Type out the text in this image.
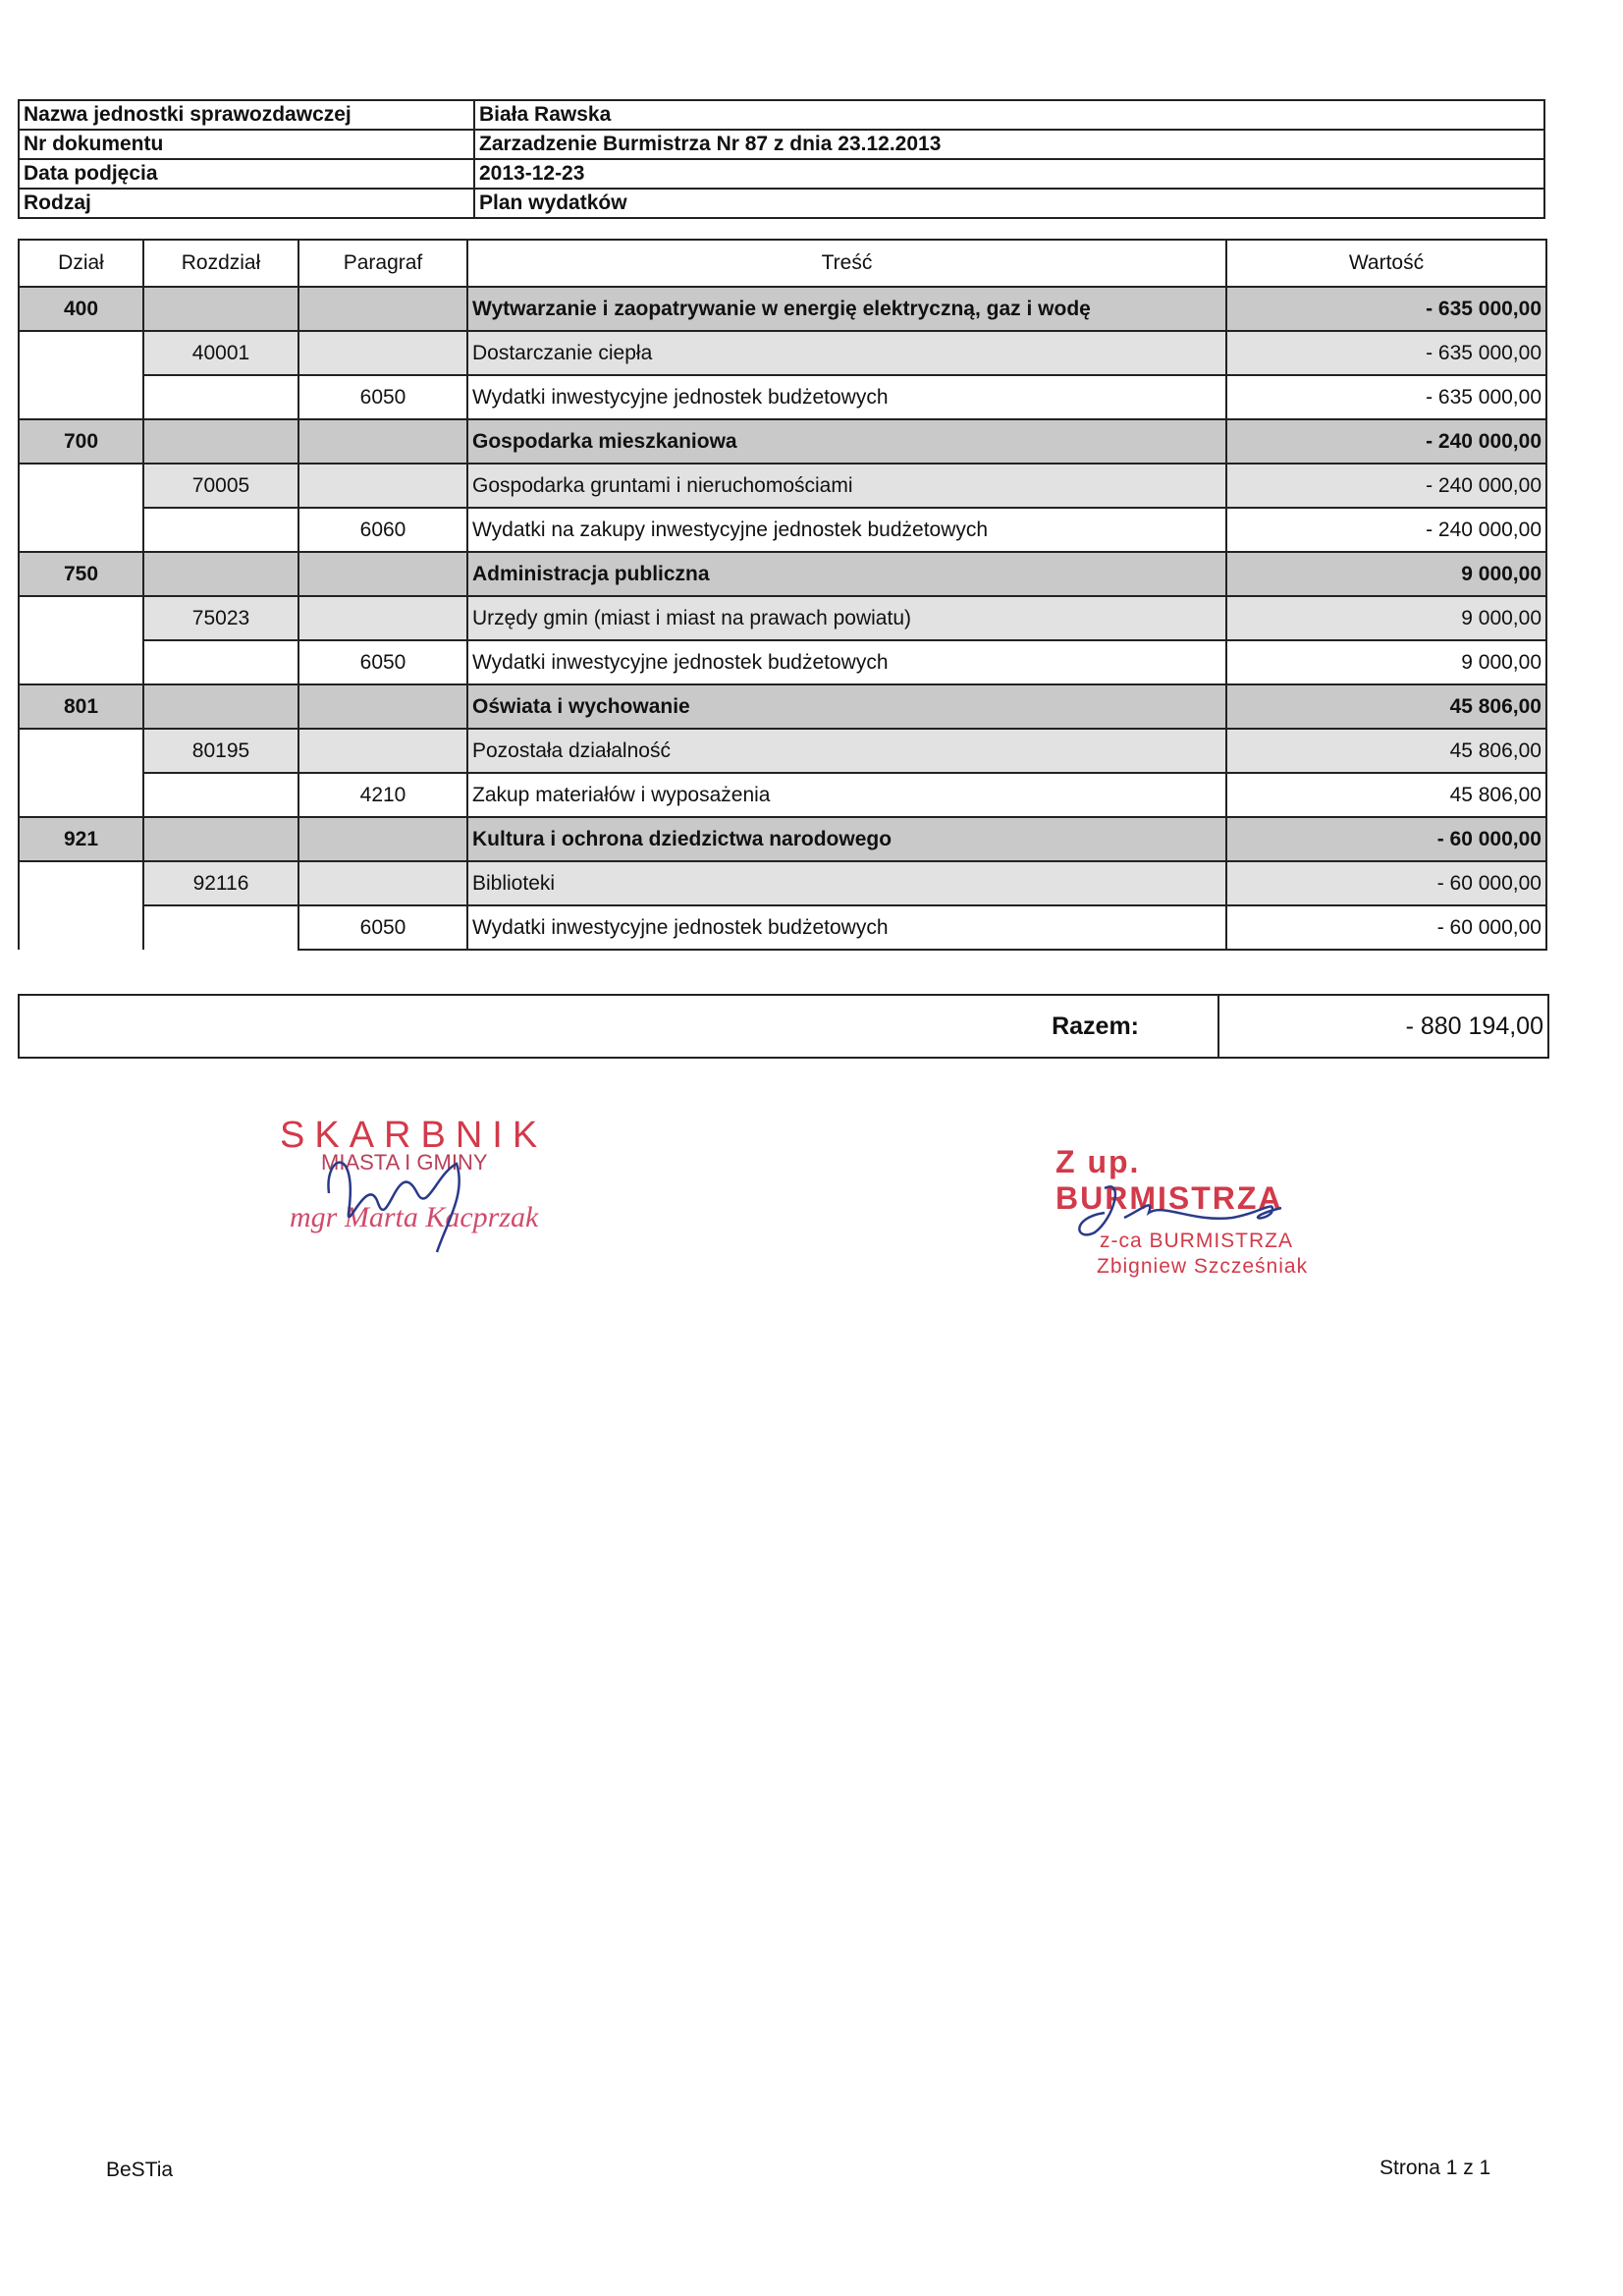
Nazwa jednostki sprawozdawczej	Biała Rawska
Nr dokumentu	Zarzadzenie Burmistrza Nr 87 z dnia 23.12.2013
Data podjęcia	2013-12-23
Rodzaj	Plan wydatków
Dział	Rozdział	Paragraf	Treść	Wartość
400			Wytwarzanie i zaopatrywanie w energię elektryczną, gaz i wodę	- 635 000,00
	40001		Dostarczanie ciepła	- 635 000,00
		6050	Wydatki inwestycyjne jednostek budżetowych	- 635 000,00
700			Gospodarka mieszkaniowa	- 240 000,00
	70005		Gospodarka gruntami i nieruchomościami	- 240 000,00
		6060	Wydatki na zakupy inwestycyjne jednostek budżetowych	- 240 000,00
750			Administracja publiczna	9 000,00
	75023		Urzędy gmin (miast i miast na prawach powiatu)	9 000,00
		6050	Wydatki inwestycyjne jednostek budżetowych	9 000,00
801			Oświata i wychowanie	45 806,00
	80195		Pozostała działalność	45 806,00
		4210	Zakup materiałów i wyposażenia	45 806,00
921			Kultura i ochrona dziedzictwa narodowego	- 60 000,00
	92116		Biblioteki	- 60 000,00
		6050	Wydatki inwestycyjne jednostek budżetowych	- 60 000,00
Razem:	- 880 194,00
SKARBNIK
MIASTA I GMINY
mgr Marta Kacprzak
Z up. BURMISTRZA
z-ca BURMISTRZA
Zbigniew Szcześniak
BeSTia	Strona 1 z 1
